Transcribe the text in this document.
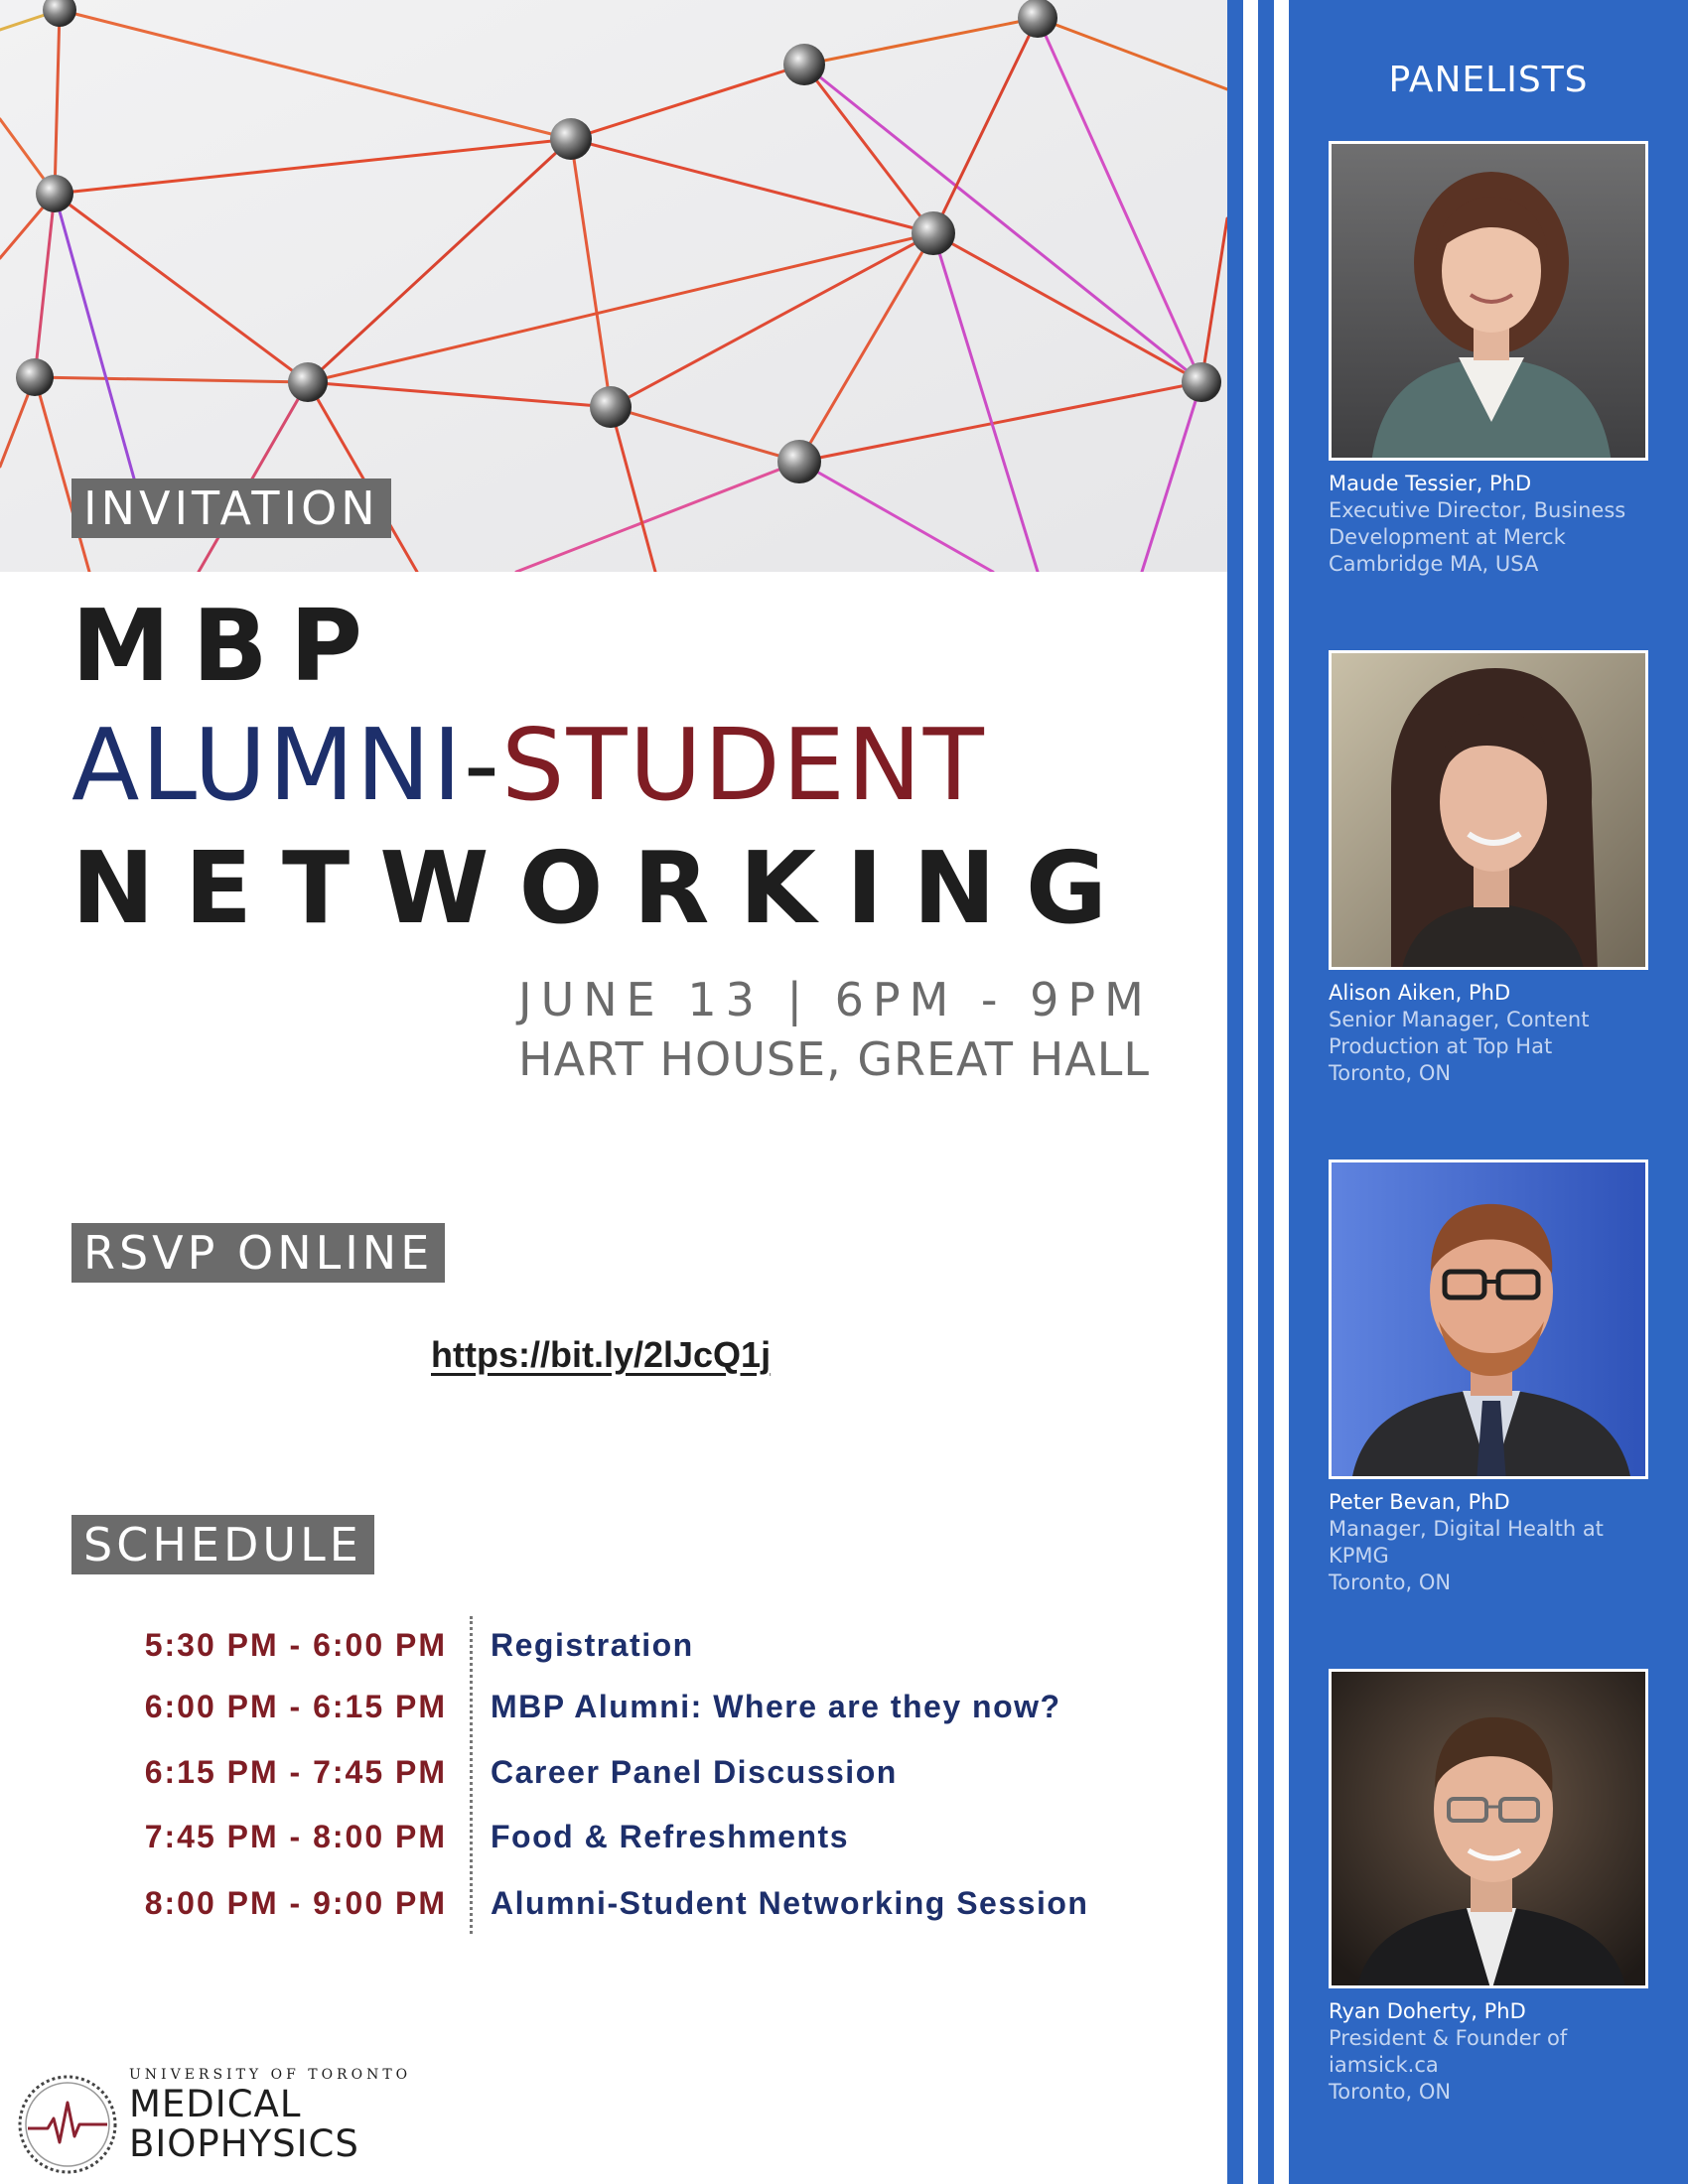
INVITATION
MBP
ALUMNI-STUDENT
NETWORKING
JUNE 13 | 6PM - 9PM
HART HOUSE, GREAT HALL
RSVP ONLINE
https://bit.ly/2lJcQ1j
SCHEDULE
5:30 PM - 6:00 PM Registration
6:00 PM - 6:15 PM MBP Alumni: Where are they now?
6:15 PM - 7:45 PM Career Panel Discussion
7:45 PM - 8:00 PM Food & Refreshments
8:00 PM - 9:00 PM Alumni-Student Networking Session
UNIVERSITY OF TORONTO
MEDICAL
BIOPHYSICS
PANELISTS
Maude Tessier, PhD
Executive Director, Business
Development at Merck
Cambridge MA, USA
Alison Aiken, PhD
Senior Manager, Content
Production at Top Hat
Toronto, ON
Peter Bevan, PhD
Manager, Digital Health at
KPMG
Toronto, ON
Ryan Doherty, PhD
President & Founder of
iamsick.ca
Toronto, ON
